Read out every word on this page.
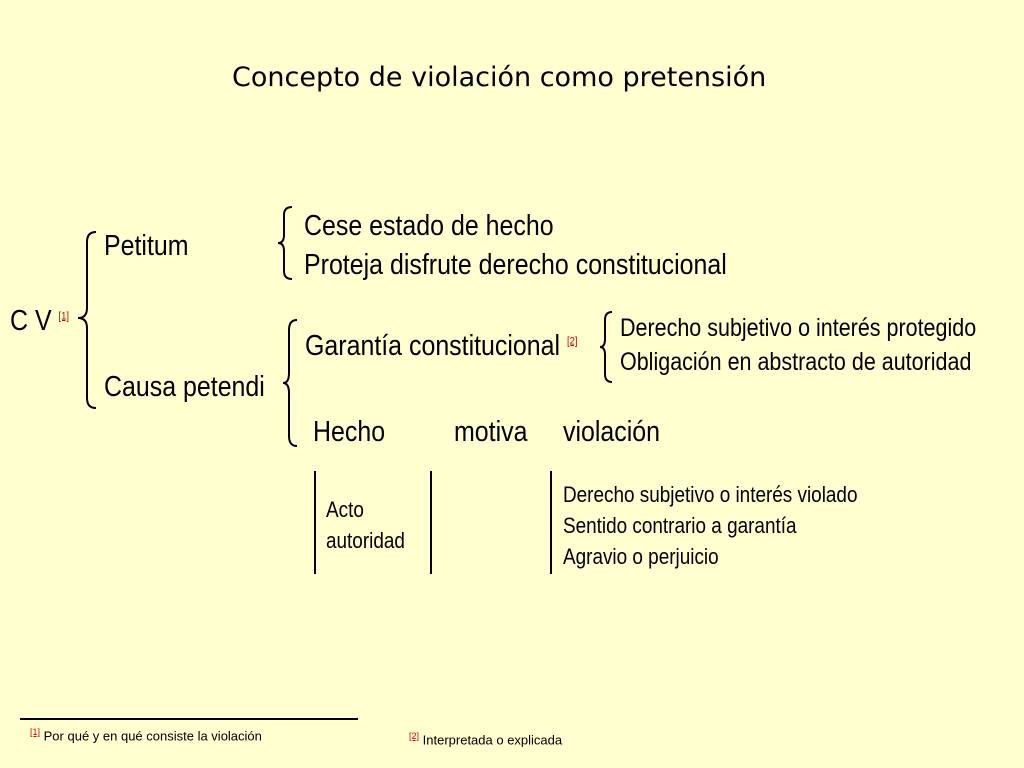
Concepto de violación como pretensión
C V [1]
Petitum
Causa petendi
Cese estado de hecho
Proteja disfrute derecho constitucional
Garantía constitucional [2]	Derecho subjetivo o interés protegido
Obligación en abstracto de autoridad
Hecho	motiva	violación
Acto
autoridad
Derecho subjetivo o interés violado
Sentido contrario a garantía
Agravio o perjuicio
[1] Por qué y en qué consiste la violación	[2] Interpretada o explicada
